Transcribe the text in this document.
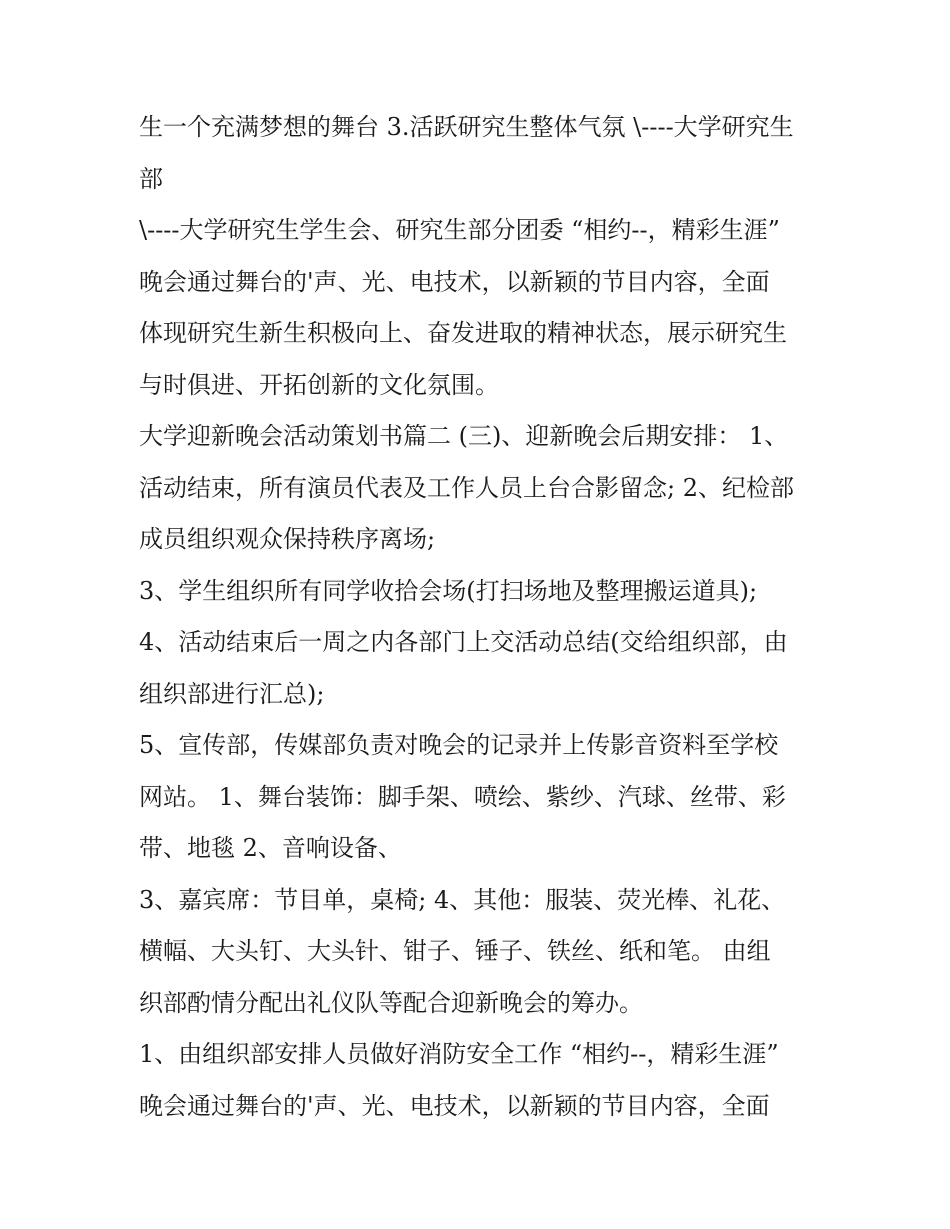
生一个充满梦想的舞台 3.活跃研究生整体气氛 \----大学研究生
部
\----大学研究生学生会、研究生部分团委 “相约--，精彩生涯”
晚会通过舞台的'声、光、电技术，以新颖的节目内容，全面
体现研究生新生积极向上、奋发进取的精神状态，展示研究生
与时俱进、开拓创新的文化氛围。
大学迎新晚会活动策划书篇二 (三)、迎新晚会后期安排： 1、
活动结束，所有演员代表及工作人员上台合影留念; 2、纪检部
成员组织观众保持秩序离场;
3、学生组织所有同学收拾会场(打扫场地及整理搬运道具);
4、活动结束后一周之内各部门上交活动总结(交给组织部，由
组织部进行汇总);
5、宣传部，传媒部负责对晚会的记录并上传影音资料至学校
网站。 1、舞台装饰：脚手架、喷绘、紫纱、汽球、丝带、彩
带、地毯 2、音响设备、
3、嘉宾席：节目单，桌椅; 4、其他：服装、荧光棒、礼花、
横幅、大头钉、大头针、钳子、锤子、铁丝、纸和笔。 由组
织部酌情分配出礼仪队等配合迎新晚会的筹办。
1、由组织部安排人员做好消防安全工作 “相约--，精彩生涯”
晚会通过舞台的'声、光、电技术，以新颖的节目内容，全面
